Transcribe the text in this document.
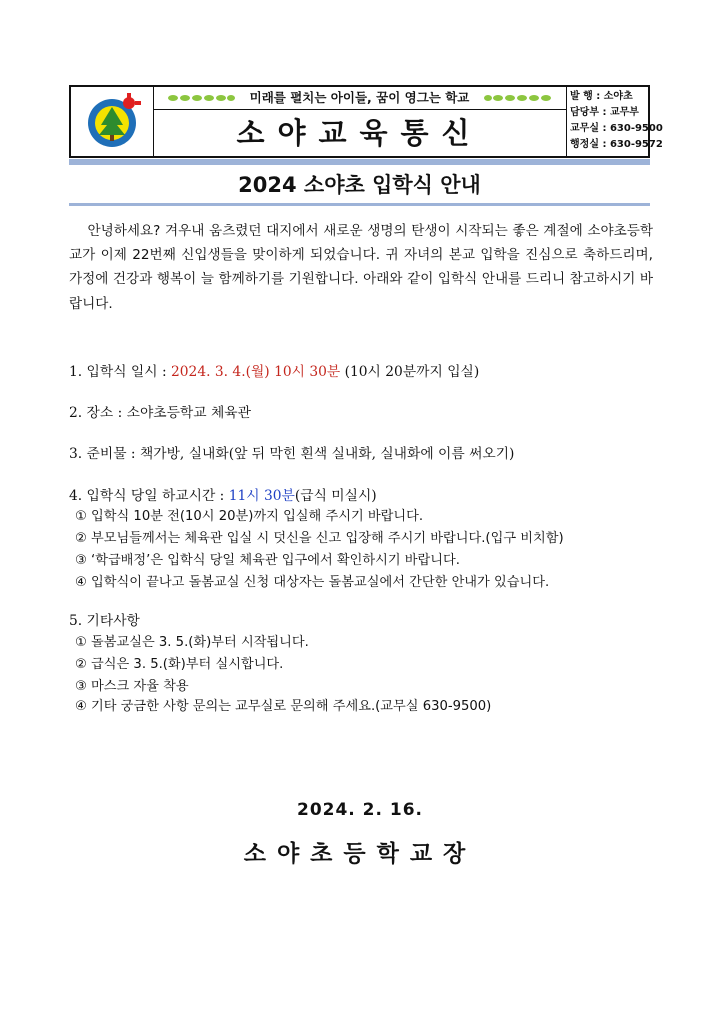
미래를 펼치는 아이들, 꿈이 영그는 학교
소야교육통신
발 행 : 소야초
담당부 : 교무부
교무실 : 630-9500
행정실 : 630-9572
2024 소야초 입학식 안내
안녕하세요? 겨우내 움츠렸던 대지에서 새로운 생명의 탄생이 시작되는 좋은 계절에 소야초등학교가 이제 22번째 신입생들을 맞이하게 되었습니다. 귀 자녀의 본교 입학을 진심으로 축하드리며, 가정에 건강과 행복이 늘 함께하기를 기원합니다. 아래와 같이 입학식 안내를 드리니 참고하시기 바랍니다.
1. 입학식 일시 : 2024. 3. 4.(월) 10시 30분 (10시 20분까지 입실)
2. 장소 : 소야초등학교 체육관
3. 준비물 : 책가방, 실내화(앞 뒤 막힌 흰색 실내화, 실내화에 이름 써오기)
4. 입학식 당일 하교시간 : 11시 30분(급식 미실시)
① 입학식 10분 전(10시 20분)까지 입실해 주시기 바랍니다.
② 부모님들께서는 체육관 입실 시 덧신을 신고 입장해 주시기 바랍니다.(입구 비치함)
③ ‘학급배정’은 입학식 당일 체육관 입구에서 확인하시기 바랍니다.
④ 입학식이 끝나고 돌봄교실 신청 대상자는 돌봄교실에서 간단한 안내가 있습니다.
5. 기타사항
① 돌봄교실은 3. 5.(화)부터 시작됩니다.
② 급식은 3. 5.(화)부터 실시합니다.
③ 마스크 자율 착용
④ 기타 궁금한 사항 문의는 교무실로 문의해 주세요.(교무실 630-9500)
2024. 2. 16.
소야초등학교장
